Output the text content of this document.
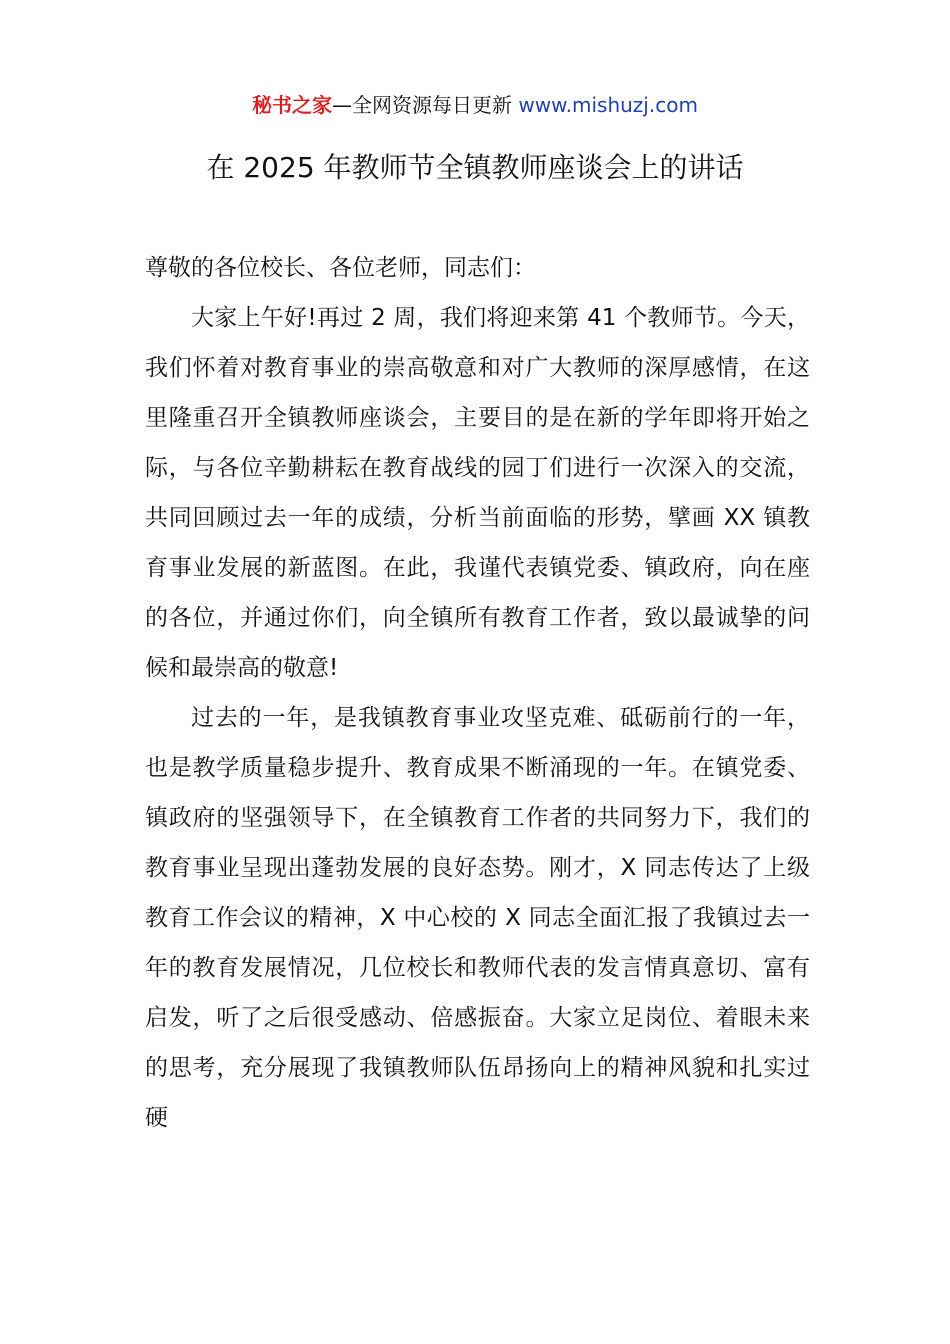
秘书之家—全网资源每日更新 www.mishuzj.com
在 2025 年教师节全镇教师座谈会上的讲话

尊敬的各位校长、各位老师，同志们：

大家上午好!再过 2 周，我们将迎来第 41 个教师节。今天，我们怀着对教育事业的崇高敬意和对广大教师的深厚感情，在这里隆重召开全镇教师座谈会，主要目的是在新的学年即将开始之际，与各位辛勤耕耘在教育战线的园丁们进行一次深入的交流，共同回顾过去一年的成绩，分析当前面临的形势，擘画 XX 镇教育事业发展的新蓝图。在此，我谨代表镇党委、镇政府，向在座的各位，并通过你们，向全镇所有教育工作者，致以最诚挚的问候和最崇高的敬意!

过去的一年，是我镇教育事业攻坚克难、砥砺前行的一年，也是教学质量稳步提升、教育成果不断涌现的一年。在镇党委、镇政府的坚强领导下，在全镇教育工作者的共同努力下，我们的教育事业呈现出蓬勃发展的良好态势。刚才，X 同志传达了上级教育工作会议的精神，X 中心校的 X 同志全面汇报了我镇过去一年的教育发展情况，几位校长和教师代表的发言情真意切、富有启发，听了之后很受感动、倍感振奋。大家立足岗位、着眼未来的思考，充分展现了我镇教师队伍昂扬向上的精神风貌和扎实过硬
